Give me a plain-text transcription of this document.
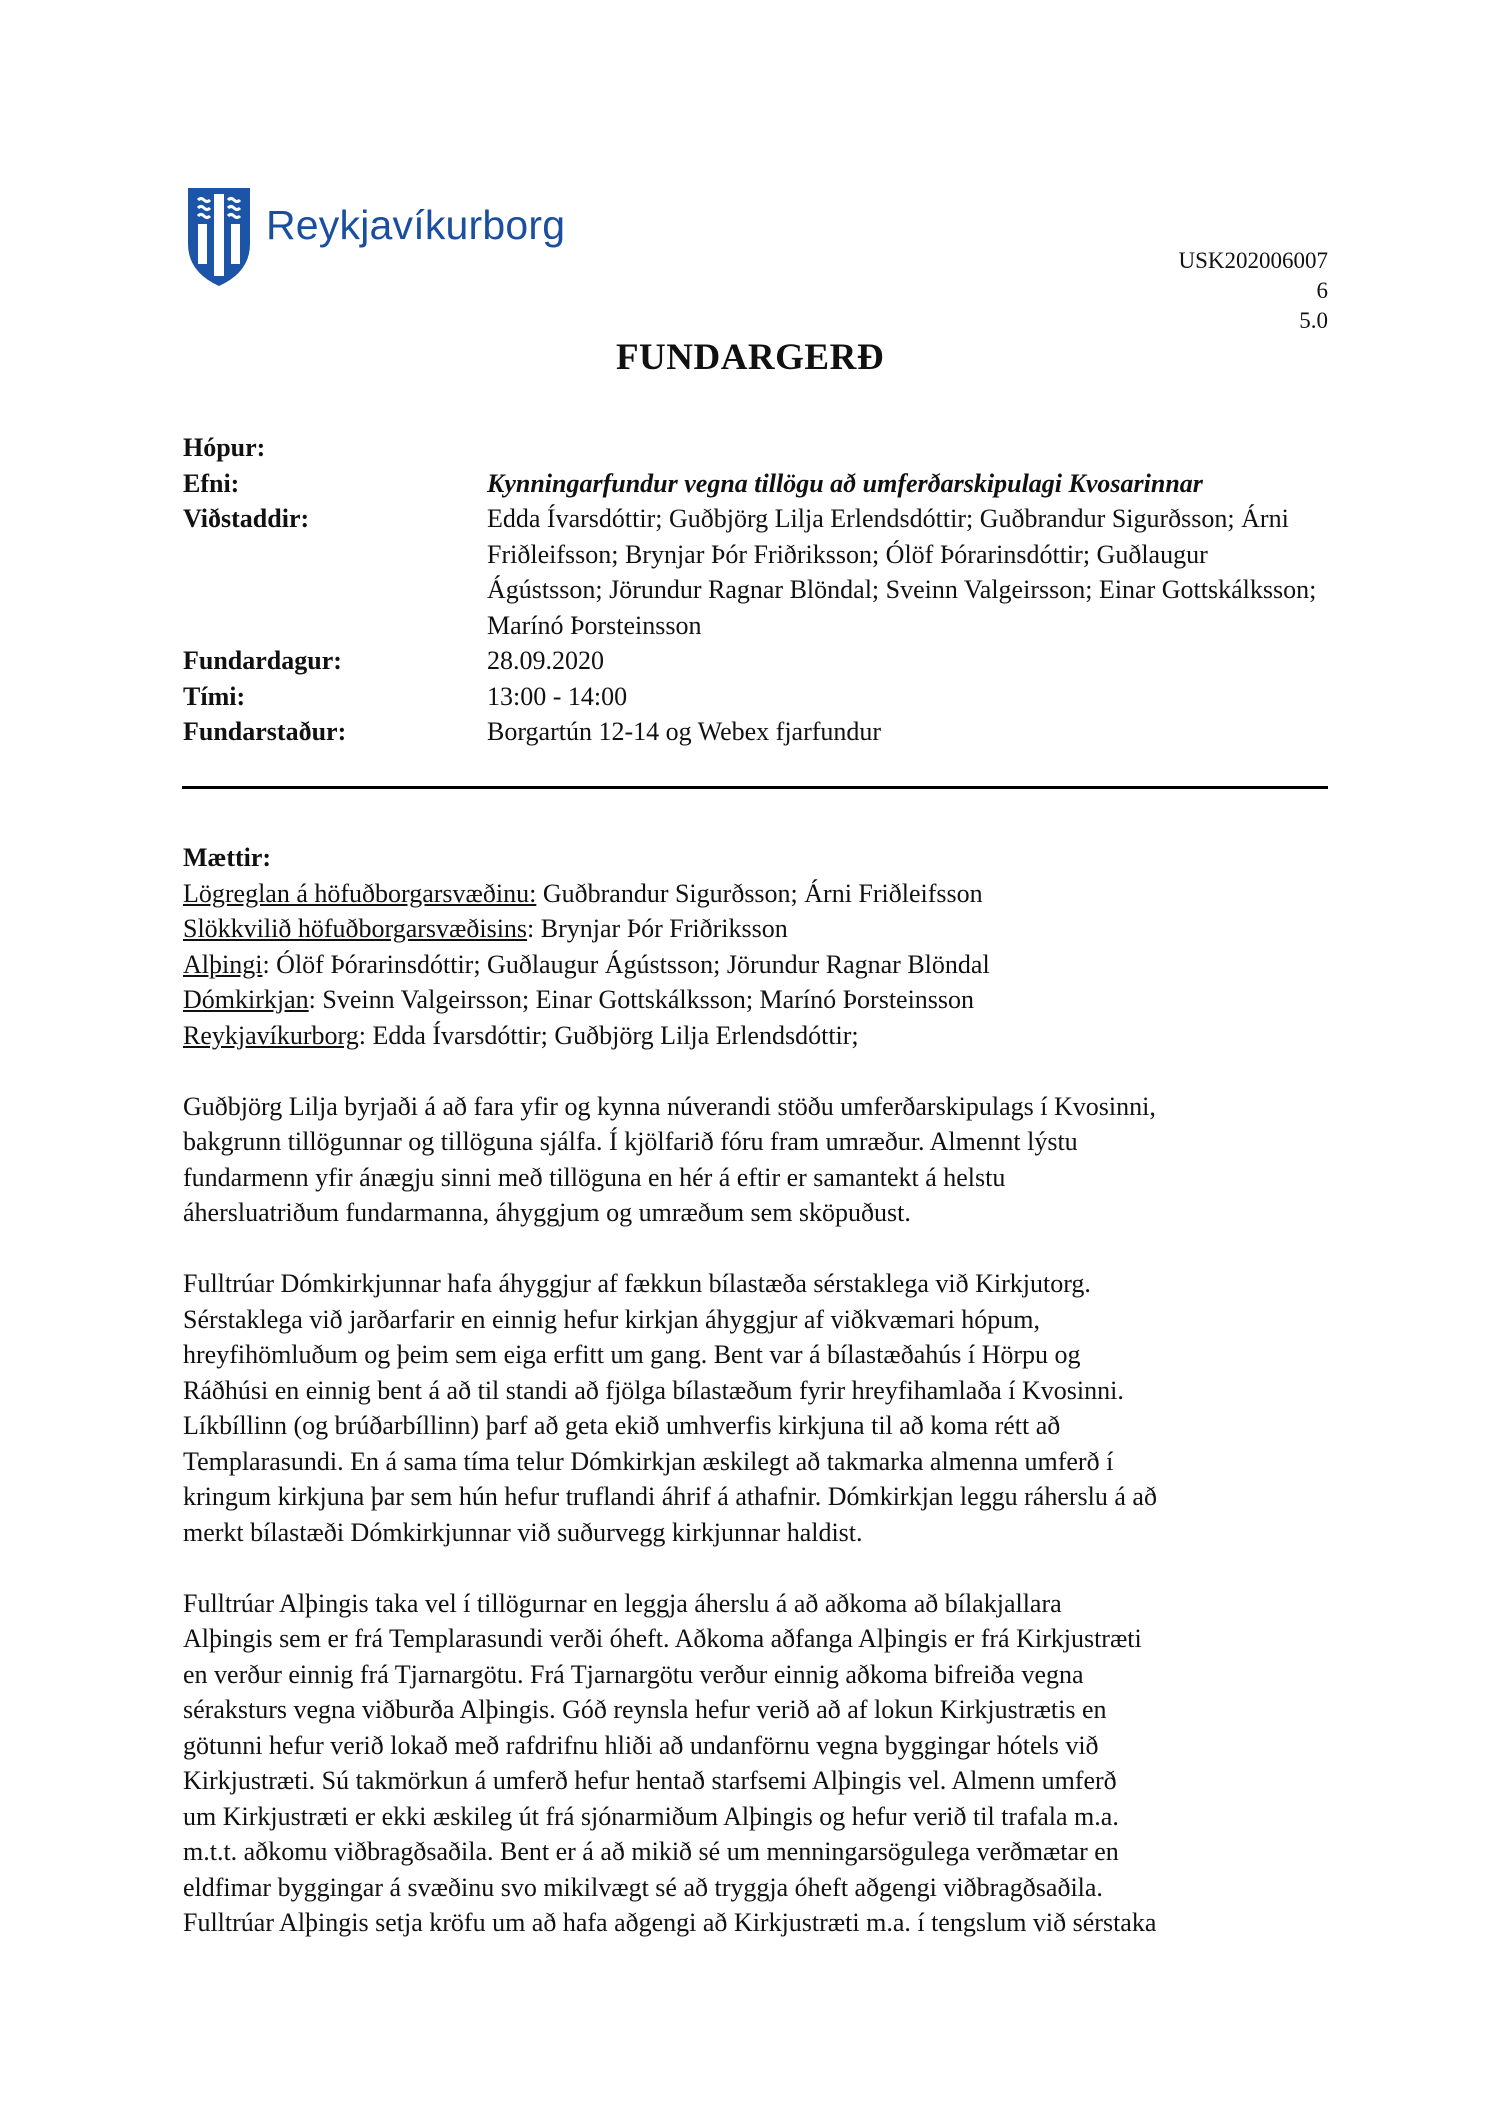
Reykjavíkurborg
USK202006007
6
5.0
FUNDARGERÐ
Hópur:
Efni:	Kynningarfundur vegna tillögu að umferðarskipulagi Kvosarinnar
Viðstaddir:	Edda Ívarsdóttir; Guðbjörg Lilja Erlendsdóttir; Guðbrandur Sigurðsson; Árni Friðleifsson; Brynjar Þór Friðriksson; Ólöf Þórarinsdóttir; Guðlaugur Ágústsson; Jörundur Ragnar Blöndal; Sveinn Valgeirsson; Einar Gottskálksson; Marínó Þorsteinsson
Fundardagur:	28.09.2020
Tími:	13:00 - 14:00
Fundarstaður:	Borgartún 12-14 og Webex fjarfundur
Mættir:
Lögreglan á höfuðborgarsvæðinu: Guðbrandur Sigurðsson; Árni Friðleifsson
Slökkvilið höfuðborgarsvæðisins: Brynjar Þór Friðriksson
Alþingi: Ólöf Þórarinsdóttir; Guðlaugur Ágústsson; Jörundur Ragnar Blöndal
Dómkirkjan: Sveinn Valgeirsson; Einar Gottskálksson; Marínó Þorsteinsson
Reykjavíkurborg: Edda Ívarsdóttir; Guðbjörg Lilja Erlendsdóttir;

Guðbjörg Lilja byrjaði á að fara yfir og kynna núverandi stöðu umferðarskipulags í Kvosinni,

bakgrunn tillögunnar og tillöguna sjálfa. Í kjölfarið fóru fram umræður. Almennt lýstu

fundarmenn yfir ánægju sinni með tillöguna en hér á eftir er samantekt á helstu

áhersluatriðum fundarmanna, áhyggjum og umræðum sem sköpuðust.

Fulltrúar Dómkirkjunnar hafa áhyggjur af fækkun bílastæða sérstaklega við Kirkjutorg.

Sérstaklega við jarðarfarir en einnig hefur kirkjan áhyggjur af viðkvæmari hópum,

hreyfihömluðum og þeim sem eiga erfitt um gang. Bent var á bílastæðahús í Hörpu og

Ráðhúsi en einnig bent á að til standi að fjölga bílastæðum fyrir hreyfihamlaða í Kvosinni.

Líkbíllinn (og brúðarbíllinn) þarf að geta ekið umhverfis kirkjuna til að koma rétt að

Templarasundi. En á sama tíma telur Dómkirkjan æskilegt að takmarka almenna umferð í

kringum kirkjuna þar sem hún hefur truflandi áhrif á athafnir. Dómkirkjan leggu ráherslu á að

merkt bílastæði Dómkirkjunnar við suðurvegg kirkjunnar haldist.

Fulltrúar Alþingis taka vel í tillögurnar en leggja áherslu á að aðkoma að bílakjallara

Alþingis sem er frá Templarasundi verði óheft. Aðkoma aðfanga Alþingis er frá Kirkjustræti

en verður einnig frá Tjarnargötu. Frá Tjarnargötu verður einnig aðkoma bifreiða vegna

séraksturs vegna viðburða Alþingis. Góð reynsla hefur verið að af lokun Kirkjustrætis en

götunni hefur verið lokað með rafdrifnu hliði að undanförnu vegna byggingar hótels við

Kirkjustræti. Sú takmörkun á umferð hefur hentað starfsemi Alþingis vel. Almenn umferð

um Kirkjustræti er ekki æskileg út frá sjónarmiðum Alþingis og hefur verið til trafala m.a.

m.t.t. aðkomu viðbragðsaðila. Bent er á að mikið sé um menningarsögulega verðmætar en

eldfimar byggingar á svæðinu svo mikilvægt sé að tryggja óheft aðgengi viðbragðsaðila.

Fulltrúar Alþingis setja kröfu um að hafa aðgengi að Kirkjustræti m.a. í tengslum við sérstaka
